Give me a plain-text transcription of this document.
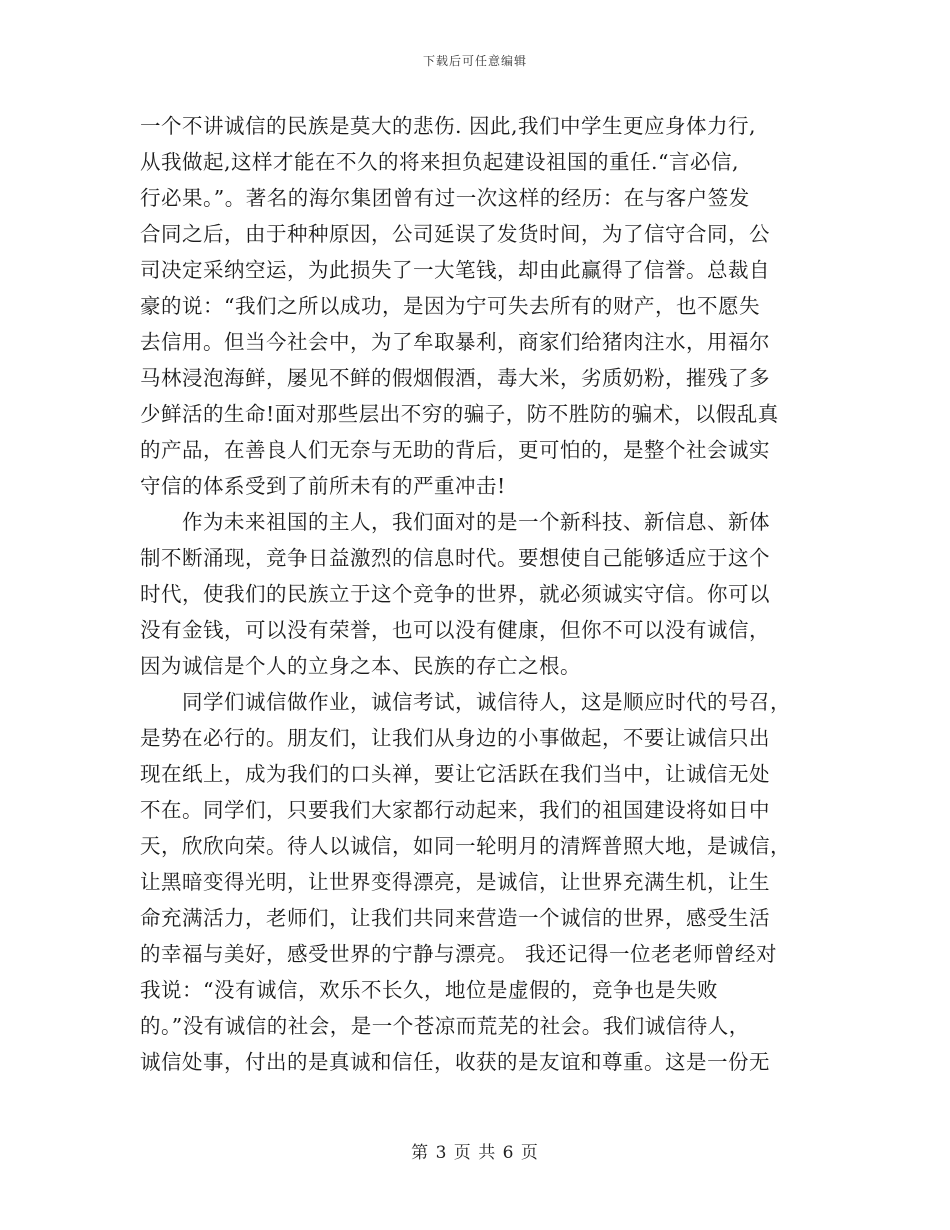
下载后可任意编辑
一个不讲诚信的民族是莫大的悲伤. 因此,我们中学生更应身体力行,
从我做起,这样才能在不久的将来担负起建设祖国的重任.“言必信,
行必果。”。著名的海尔集团曾有过一次这样的经历：在与客户签发
合同之后，由于种种原因，公司延误了发货时间，为了信守合同，公
司决定采纳空运，为此损失了一大笔钱，却由此赢得了信誉。总裁自
豪的说：“我们之所以成功，是因为宁可失去所有的财产，也不愿失
去信用。但当今社会中，为了牟取暴利，商家们给猪肉注水，用福尔
马林浸泡海鲜，屡见不鲜的假烟假酒，毒大米，劣质奶粉，摧残了多
少鲜活的生命!面对那些层出不穷的骗子，防不胜防的骗术，以假乱真
的产品，在善良人们无奈与无助的背后，更可怕的，是整个社会诚实
守信的体系受到了前所未有的严重冲击!
　　作为未来祖国的主人，我们面对的是一个新科技、新信息、新体
制不断涌现，竞争日益激烈的信息时代。要想使自己能够适应于这个
时代，使我们的民族立于这个竞争的世界，就必须诚实守信。你可以
没有金钱，可以没有荣誉，也可以没有健康，但你不可以没有诚信，
因为诚信是个人的立身之本、民族的存亡之根。
　　同学们诚信做作业，诚信考试，诚信待人，这是顺应时代的号召，
是势在必行的。朋友们，让我们从身边的小事做起，不要让诚信只出
现在纸上，成为我们的口头禅，要让它活跃在我们当中，让诚信无处
不在。同学们，只要我们大家都行动起来，我们的祖国建设将如日中
天，欣欣向荣。待人以诚信，如同一轮明月的清辉普照大地，是诚信，
让黑暗变得光明，让世界变得漂亮，是诚信，让世界充满生机，让生
命充满活力，老师们，让我们共同来营造一个诚信的世界，感受生活
的幸福与美好，感受世界的宁静与漂亮。 我还记得一位老老师曾经对
我说：“没有诚信，欢乐不长久，地位是虚假的，竞争也是失败
的。”没有诚信的社会，是一个苍凉而荒芜的社会。我们诚信待人，
诚信处事，付出的是真诚和信任，收获的是友谊和尊重。这是一份无
第 3 页 共 6 页
